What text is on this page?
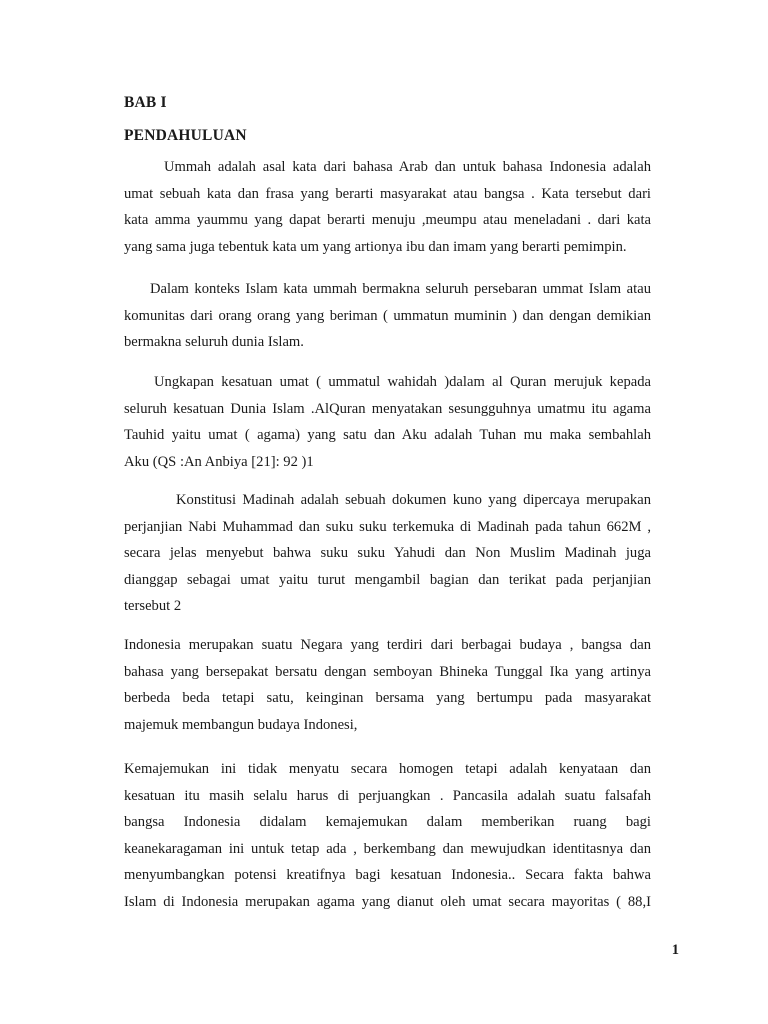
BAB I
PENDAHULUAN
Ummah adalah asal kata dari bahasa Arab dan untuk bahasa Indonesia adalah
umat sebuah kata dan frasa yang berarti masyarakat atau bangsa . Kata tersebut dari
kata amma yaummu yang dapat berarti menuju ,meumpu atau meneladani . dari kata
yang sama juga tebentuk kata um yang artionya ibu dan imam yang berarti pemimpin.
Dalam konteks Islam kata ummah bermakna seluruh persebaran ummat Islam atau
komunitas dari orang orang yang beriman ( ummatun muminin ) dan dengan demikian
bermakna seluruh dunia Islam.
Ungkapan kesatuan umat ( ummatul wahidah )dalam al Quran merujuk kepada
seluruh kesatuan Dunia Islam .AlQuran menyatakan sesungguhnya umatmu itu agama
Tauhid yaitu umat ( agama) yang satu dan Aku adalah Tuhan mu maka sembahlah
Aku (QS :An Anbiya [21]: 92 )1
Konstitusi Madinah adalah sebuah dokumen kuno yang dipercaya merupakan
perjanjian Nabi Muhammad dan suku suku terkemuka di Madinah pada tahun 662M ,
secara jelas menyebut bahwa suku suku Yahudi dan Non Muslim Madinah juga
dianggap sebagai umat yaitu turut mengambil bagian dan terikat pada perjanjian
tersebut 2
Indonesia merupakan suatu Negara yang terdiri dari berbagai budaya , bangsa dan
bahasa yang bersepakat bersatu dengan semboyan Bhineka Tunggal Ika yang artinya
berbeda beda tetapi satu, keinginan bersama yang bertumpu pada masyarakat
majemuk membangun budaya Indonesi,
Kemajemukan ini tidak menyatu secara homogen tetapi adalah kenyataan dan
kesatuan itu masih selalu harus di perjuangkan . Pancasila adalah suatu falsafah
bangsa Indonesia didalam kemajemukan dalam memberikan ruang bagi
keanekaragaman ini untuk tetap ada , berkembang dan mewujudkan identitasnya dan
menyumbangkan potensi kreatifnya bagi kesatuan Indonesia.. Secara fakta bahwa
Islam di Indonesia merupakan agama yang dianut oleh umat secara mayoritas ( 88,I
1
